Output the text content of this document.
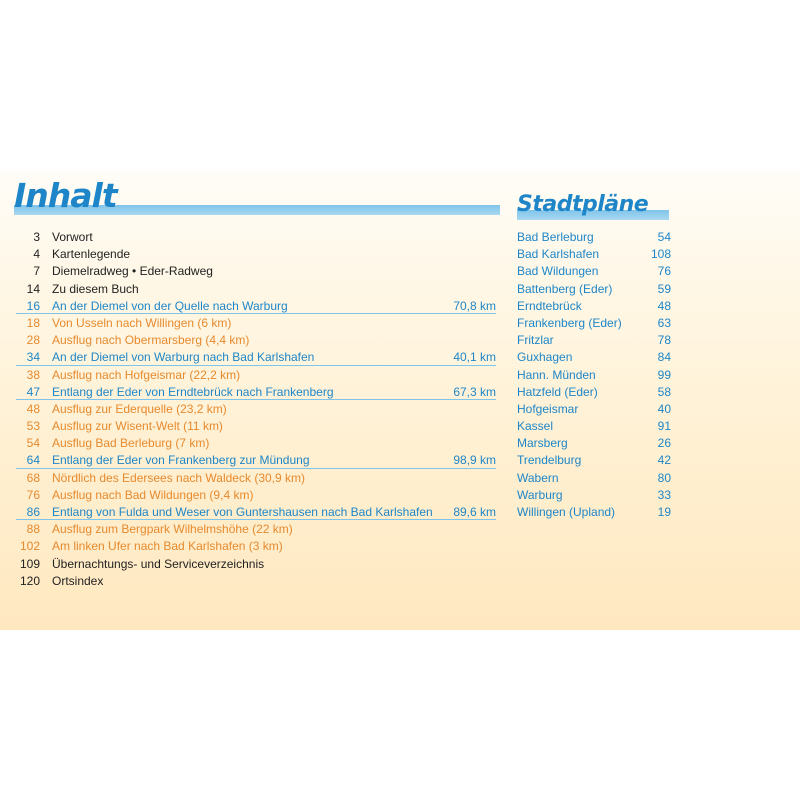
Inhalt	Stadtpläne
3 Vorwort
4 Kartenlegende
7 Diemelradweg • Eder-Radweg
14 Zu diesem Buch
16 An der Diemel von der Quelle nach Warburg	70,8 km
18 Von Usseln nach Willingen (6 km)
28 Ausflug nach Obermarsberg (4,4 km)
34 An der Diemel von Warburg nach Bad Karlshafen	40,1 km
38 Ausflug nach Hofgeismar (22,2 km)
47 Entlang der Eder von Erndtebrück nach Frankenberg	67,3 km
48 Ausflug zur Ederquelle (23,2 km)
53 Ausflug zur Wisent-Welt (11 km)
54 Ausflug Bad Berleburg (7 km)
64 Entlang der Eder von Frankenberg zur Mündung	98,9 km
68 Nördlich des Edersees nach Waldeck (30,9 km)
76 Ausflug nach Bad Wildungen (9,4 km)
86 Entlang von Fulda und Weser von Guntershausen nach Bad Karlshafen 89,6 km
88 Ausflug zum Bergpark Wilhelmshöhe (22 km)
102 Am linken Ufer nach Bad Karlshafen (3 km)
109 Übernachtungs- und Serviceverzeichnis
120 Ortsindex
Bad Berleburg	54
Bad Karlshafen	108
Bad Wildungen	76
Battenberg (Eder)	59
Erndtebrück	48
Frankenberg (Eder)	63
Fritzlar	78
Guxhagen	84
Hann. Münden	99
Hatzfeld (Eder)	58
Hofgeismar	40
Kassel	91
Marsberg	26
Trendelburg	42
Wabern	80
Warburg	33
Willingen (Upland)	19
